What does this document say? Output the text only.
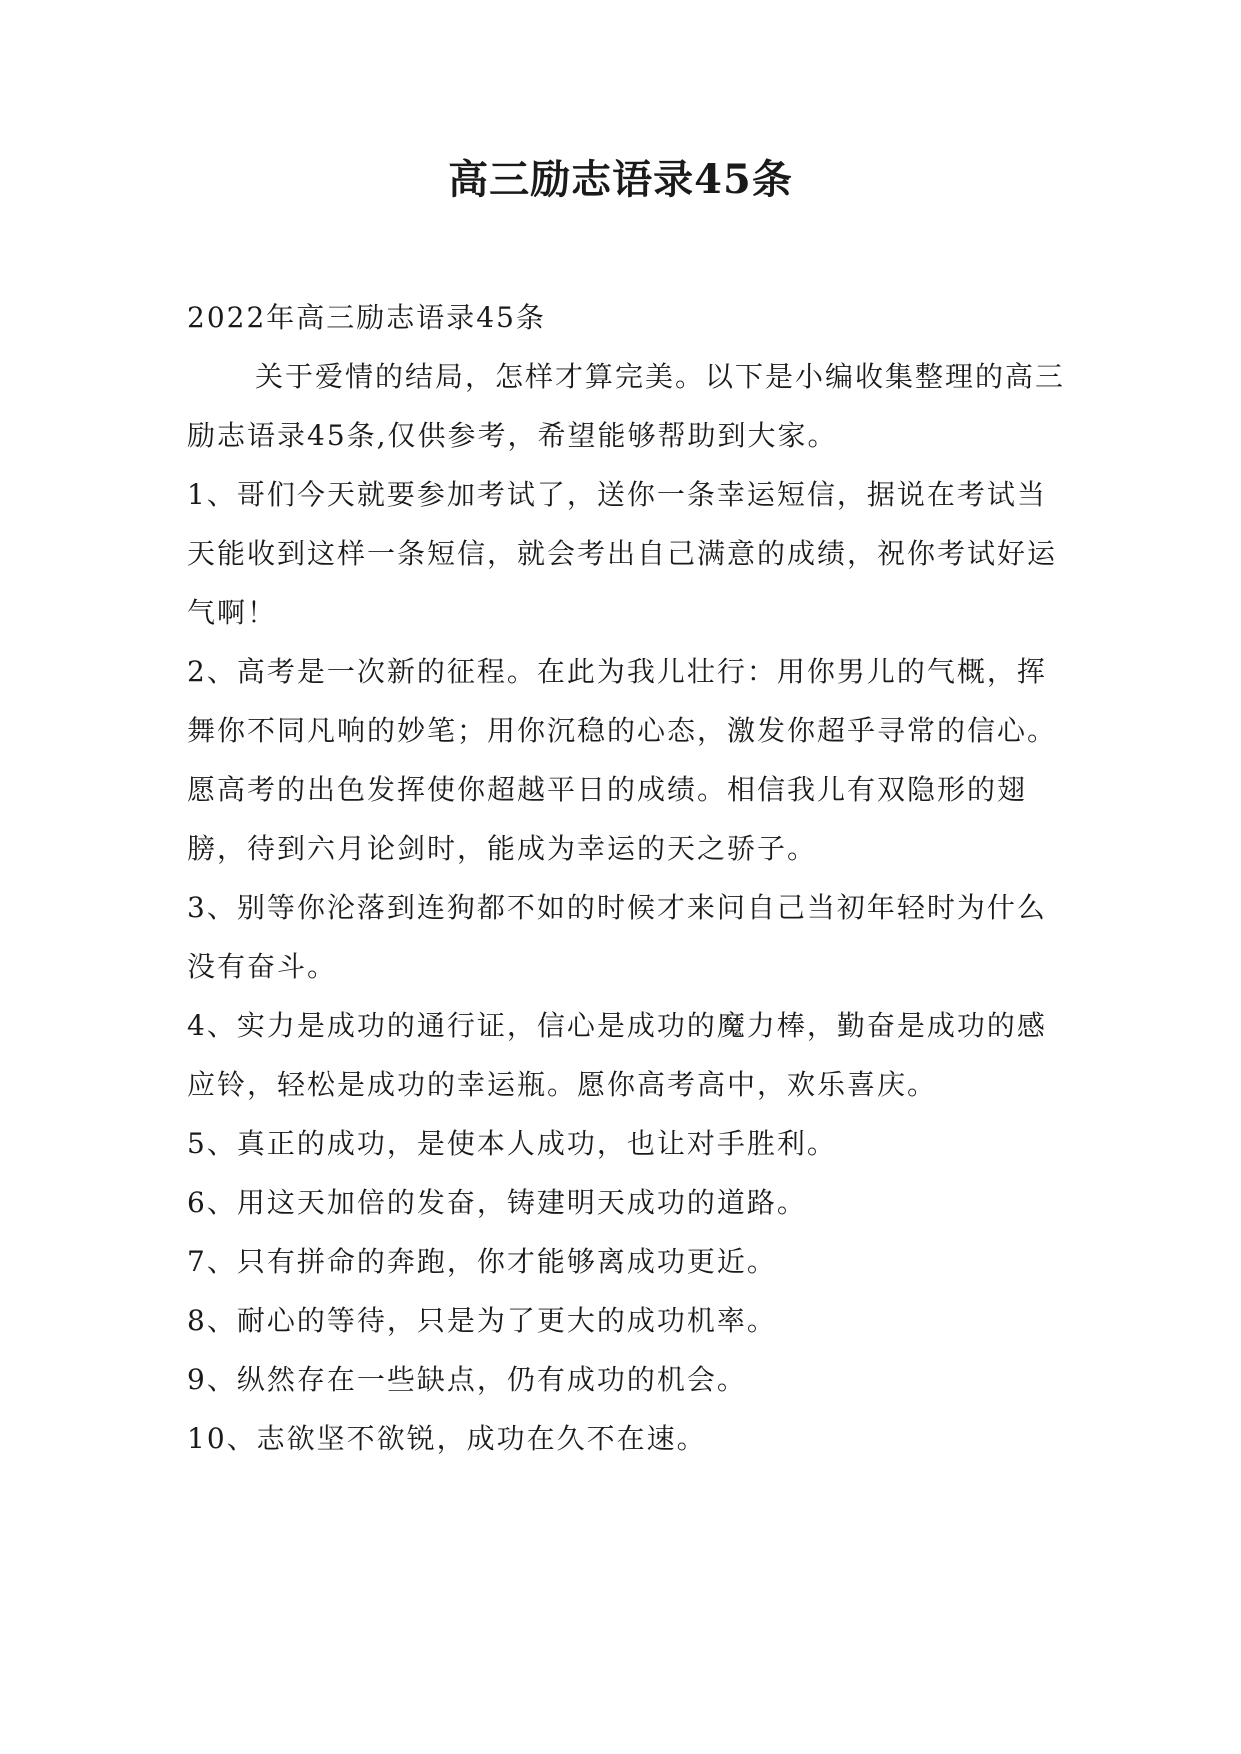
高三励志语录45条

2022年高三励志语录45条

关于爱情的结局，怎样才算完美。以下是小编收集整理的高三励志语录45条,仅供参考，希望能够帮助到大家。

1、哥们今天就要参加考试了，送你一条幸运短信，据说在考试当天能收到这样一条短信，就会考出自己满意的成绩，祝你考试好运气啊！

2、高考是一次新的征程。在此为我儿壮行：用你男儿的气概，挥舞你不同凡响的妙笔；用你沉稳的心态，激发你超乎寻常的信心。愿高考的出色发挥使你超越平日的成绩。相信我儿有双隐形的翅膀，待到六月论剑时，能成为幸运的天之骄子。

3、别等你沦落到连狗都不如的时候才来问自己当初年轻时为什么没有奋斗。

4、实力是成功的通行证，信心是成功的魔力棒，勤奋是成功的感应铃，轻松是成功的幸运瓶。愿你高考高中，欢乐喜庆。

5、真正的成功，是使本人成功，也让对手胜利。

6、用这天加倍的发奋，铸建明天成功的道路。

7、只有拼命的奔跑，你才能够离成功更近。

8、耐心的等待，只是为了更大的成功机率。

9、纵然存在一些缺点，仍有成功的机会。

10、志欲坚不欲锐，成功在久不在速。
